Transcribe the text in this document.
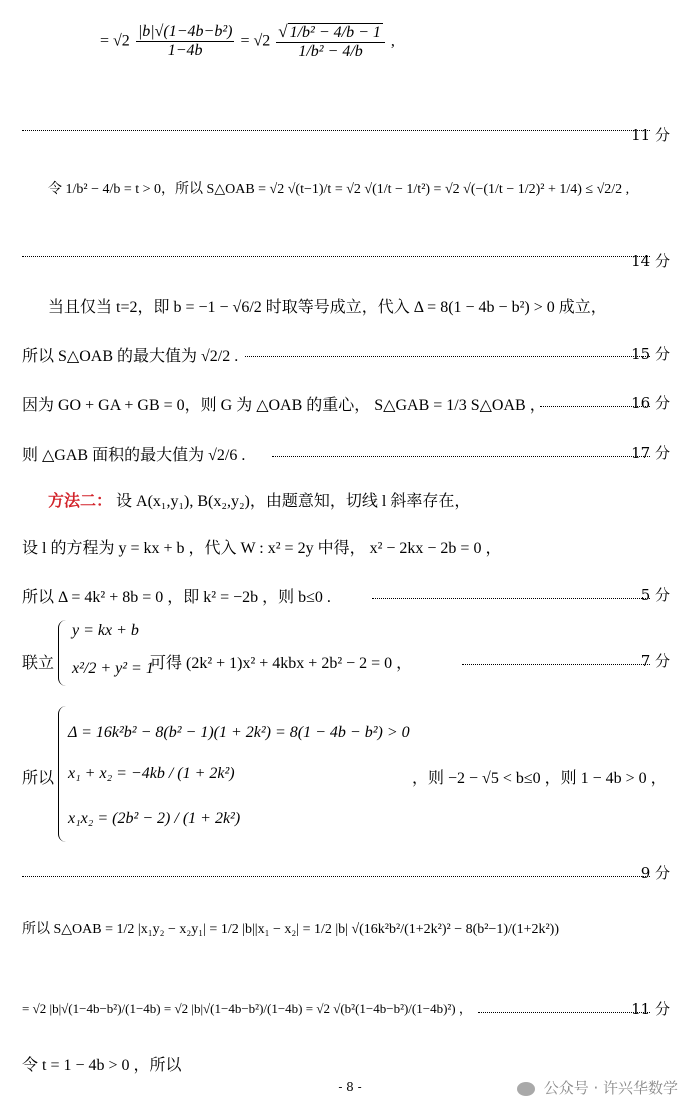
= $√2 \frac{\text{|b|√(1−4b−b²)}}{1-4b} = √2 \frac{\text{√ 1/b² − 4/b − 1}}{\text{1/b² − 4/b}}$ ,
11 分
令 1/b² − 4/b = t > 0，所以 S△OAB = √2 √(t−1)/t = √2 √(1/t − 1/t²) = √2 √(−(1/t − 1/2)² + 1/4) ≤ √2/2 ,
14 分
当且仅当 t=2，即 b = −1 − √6/2 时取等号成立，代入 Δ = 8(1 − 4b − b²) > 0 成立，
所以 S△OAB 的最大值为 √2/2 .	15 分
因为 GO + GA + GB = 0，则 G 为 △OAB 的重心， S△GAB = 1/3 S△OAB ，	16 分
则 △GAB 面积的最大值为 √2/6 .	17 分
方法二： 设 A(x₁,y₁), B(x₂,y₂)，由题意知，切线 l 斜率存在，
设 l 的方程为 y = kx + b ，代入 W : x² = 2y 中得， x² − 2kx − 2b = 0 ，
所以 Δ = 4k² + 8b = 0 ，即 k² = −2b ，则 b≤0 .	5 分
联立
y = kx + b
x²/2 + y² = 1
可得 (2k² + 1)x² + 4kbx + 2b² − 2 = 0 ，	7 分
所以
Δ = 16k²b² − 8(b² − 1)(1 + 2k²) = 8(1 − 4b − b²) > 0
x₁ + x₂ = −4kb / (1 + 2k²)
x₁x₂ = (2b² − 2) / (1 + 2k²)
，则 −2 − √5 < b≤0 ，则 1 − 4b > 0 ，
9 分
所以 S△OAB = 1/2 |x₁y₂ − x₂y₁| = 1/2 |b||x₁ − x₂| = 1/2 |b| √(16k²b²/(1+2k²)² − 8(b²−1)/(1+2k²))
= √2 |b|√(1−4b−b²)/(1−4b) = √2 |b|√(1−4b−b²)/(1−4b) = √2 √(b²(1−4b−b²)/(1−4b)²) ，	11 分
令 t = 1 − 4b > 0 ，所以
- 8 -	公众号 · 许兴华数学
